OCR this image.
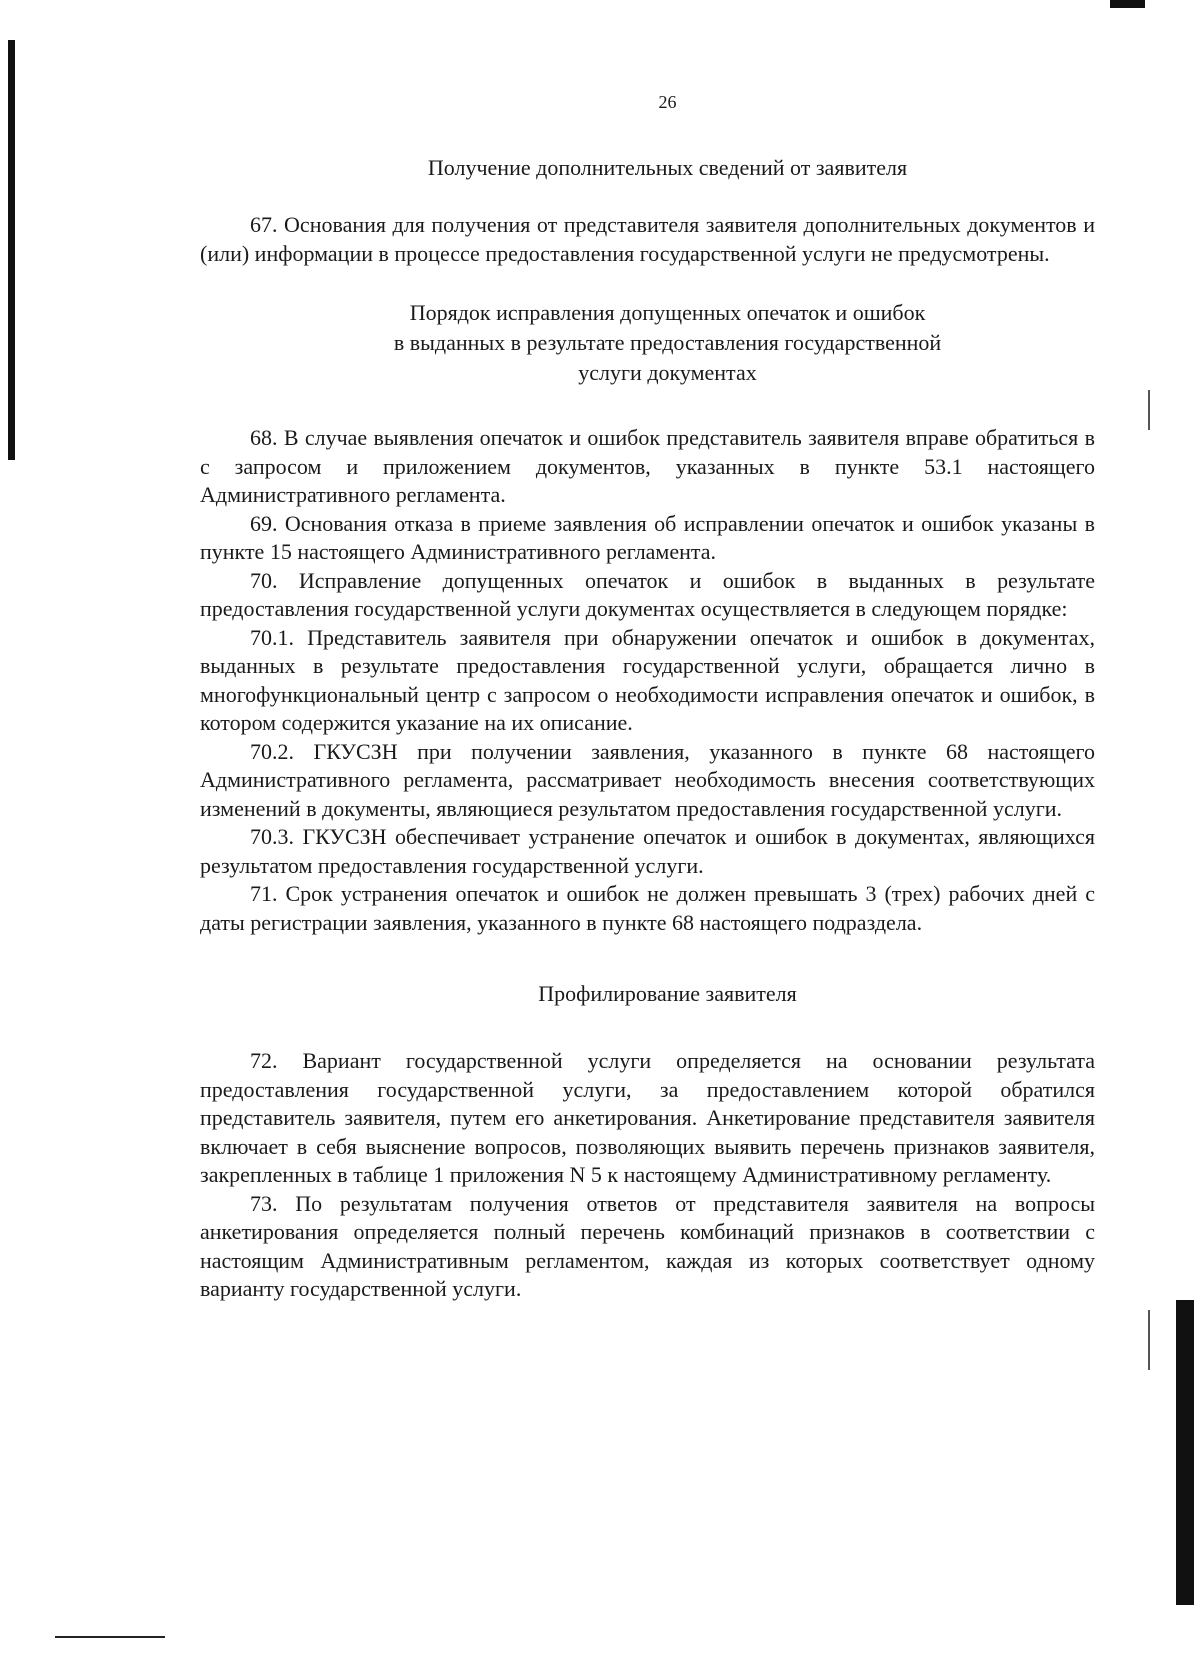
26
Получение дополнительных сведений от заявителя

67. Основания для получения от представителя заявителя дополнительных документов и (или) информации в процессе предоставления государственной услуги не предусмотрены.

Порядок исправления допущенных опечаток и ошибок
в выданных в результате предоставления государственной
услуги документах

68. В случае выявления опечаток и ошибок представитель заявителя вправе обратиться в с запросом и приложением документов, указанных в пункте 53.1 настоящего Административного регламента.

69. Основания отказа в приеме заявления об исправлении опечаток и ошибок указаны в пункте 15 настоящего Административного регламента.

70. Исправление допущенных опечаток и ошибок в выданных в результате предоставления государственной услуги документах осуществляется в следующем порядке:

70.1. Представитель заявителя при обнаружении опечаток и ошибок в документах, выданных в результате предоставления государственной услуги, обращается лично в многофункциональный центр с запросом о необходимости исправления опечаток и ошибок, в котором содержится указание на их описание.

70.2. ГКУСЗН при получении заявления, указанного в пункте 68 настоящего Административного регламента, рассматривает необходимость внесения соответствующих изменений в документы, являющиеся результатом предоставления государственной услуги.

70.3. ГКУСЗН обеспечивает устранение опечаток и ошибок в документах, являющихся результатом предоставления государственной услуги.

71. Срок устранения опечаток и ошибок не должен превышать 3 (трех) рабочих дней с даты регистрации заявления, указанного в пункте 68 настоящего подраздела.

Профилирование заявителя

72. Вариант государственной услуги определяется на основании результата предоставления государственной услуги, за предоставлением которой обратился представитель заявителя, путем его анкетирования. Анкетирование представителя заявителя включает в себя выяснение вопросов, позволяющих выявить перечень признаков заявителя, закрепленных в таблице 1 приложения N 5 к настоящему Административному регламенту.

73. По результатам получения ответов от представителя заявителя на вопросы анкетирования определяется полный перечень комбинаций признаков в соответствии с настоящим Административным регламентом, каждая из которых соответствует одному варианту государственной услуги.
